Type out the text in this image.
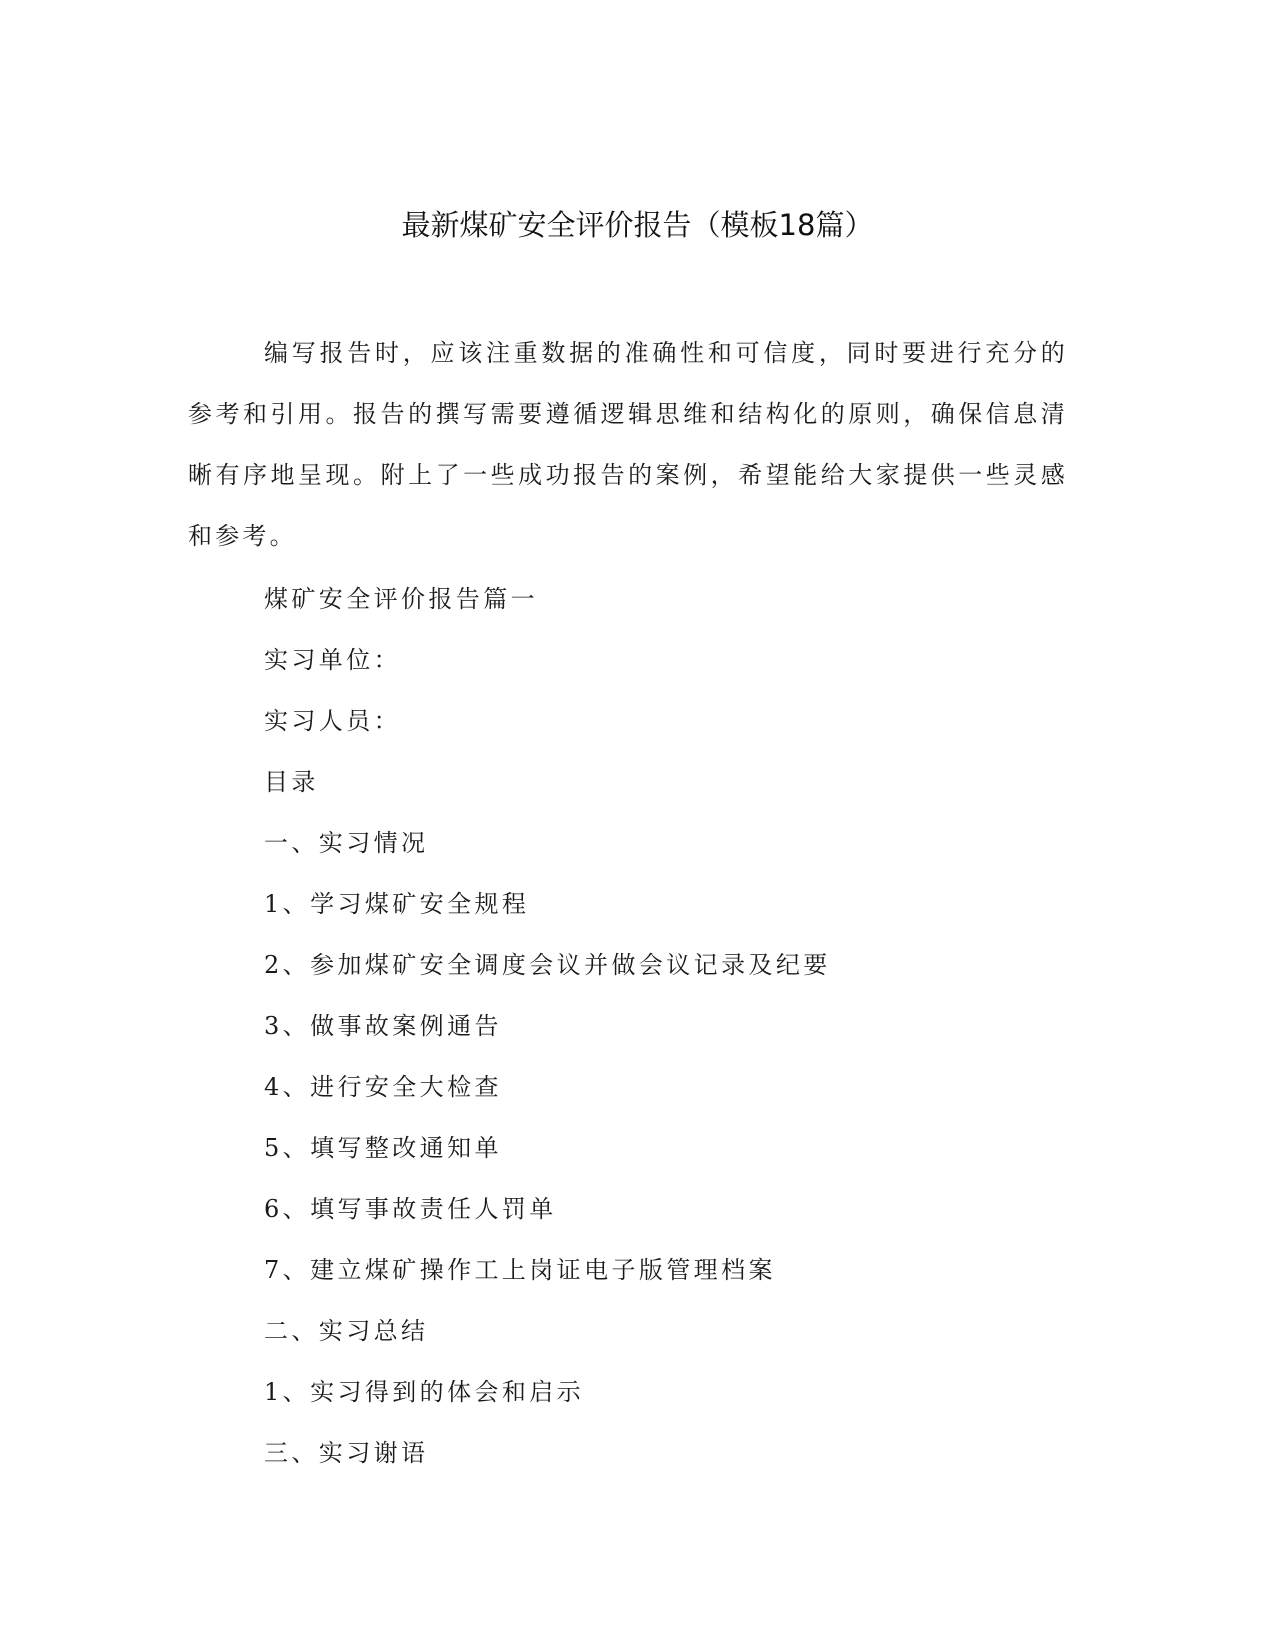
最新煤矿安全评价报告（模板18篇）

编写报告时，应该注重数据的准确性和可信度，同时要进行充分的参考和引用。报告的撰写需要遵循逻辑思维和结构化的原则，确保信息清晰有序地呈现。附上了一些成功报告的案例，希望能给大家提供一些灵感和参考。

煤矿安全评价报告篇一
实习单位：
实习人员：
目录
一、实习情况
1、学习煤矿安全规程
2、参加煤矿安全调度会议并做会议记录及纪要
3、做事故案例通告
4、进行安全大检查
5、填写整改通知单
6、填写事故责任人罚单
7、建立煤矿操作工上岗证电子版管理档案
二、实习总结
1、实习得到的体会和启示
三、实习谢语
